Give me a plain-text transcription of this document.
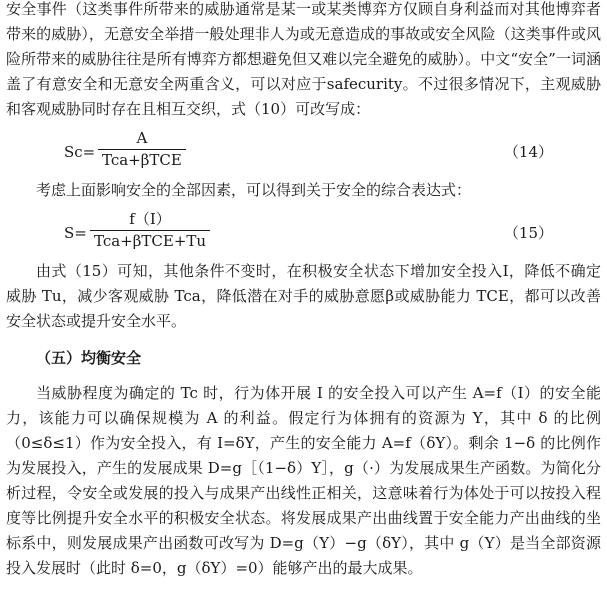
安全事件（这类事件所带来的威胁通常是某一或某类博弈方仅顾自身利益而对其他博弈者带来的威胁），无意安全举措一般处理非人为或无意造成的事故或安全风险（这类事件或风险所带来的威胁往往是所有博弈方都想避免但又难以完全避免的威胁）。中文“安全”一词涵盖了有意安全和无意安全两重含义，可以对应于safecurity。不过很多情况下，主观威胁和客观威胁同时存在且相互交织，式（10）可改写成：

Sc=
A
Tca+βTCE	（14）

考虑上面影响安全的全部因素，可以得到关于安全的综合表达式：

S=
f（I）
Tca+βTCE+Tu	（15）

由式（15）可知，其他条件不变时，在积极安全状态下增加安全投入I，降低不确定威胁 Tu，减少客观威胁 Tca，降低潜在对手的威胁意愿β或威胁能力 TCE，都可以改善安全状态或提升安全水平。

（五）均衡安全

当威胁程度为确定的 Tc 时，行为体开展 I 的安全投入可以产生 A=f（I）的安全能力，该能力可以确保规模为 A 的利益。假定行为体拥有的资源为 Y，其中 δ 的比例（0≤δ≤1）作为安全投入，有 I=δY，产生的安全能力 A=f（δY）。剩余 1−δ 的比例作为发展投入，产生的发展成果 D=g［（1−δ）Y］，g（·）为发展成果生产函数。为简化分析过程，令安全或发展的投入与成果产出线性正相关，这意味着行为体处于可以按投入程度等比例提升安全水平的积极安全状态。将发展成果产出曲线置于安全能力产出曲线的坐标系中，则发展成果产出函数可改写为 D=g（Y）−g（δY），其中 g（Y）是当全部资源投入发展时（此时 δ=0，g（δY）=0）能够产出的最大成果。
